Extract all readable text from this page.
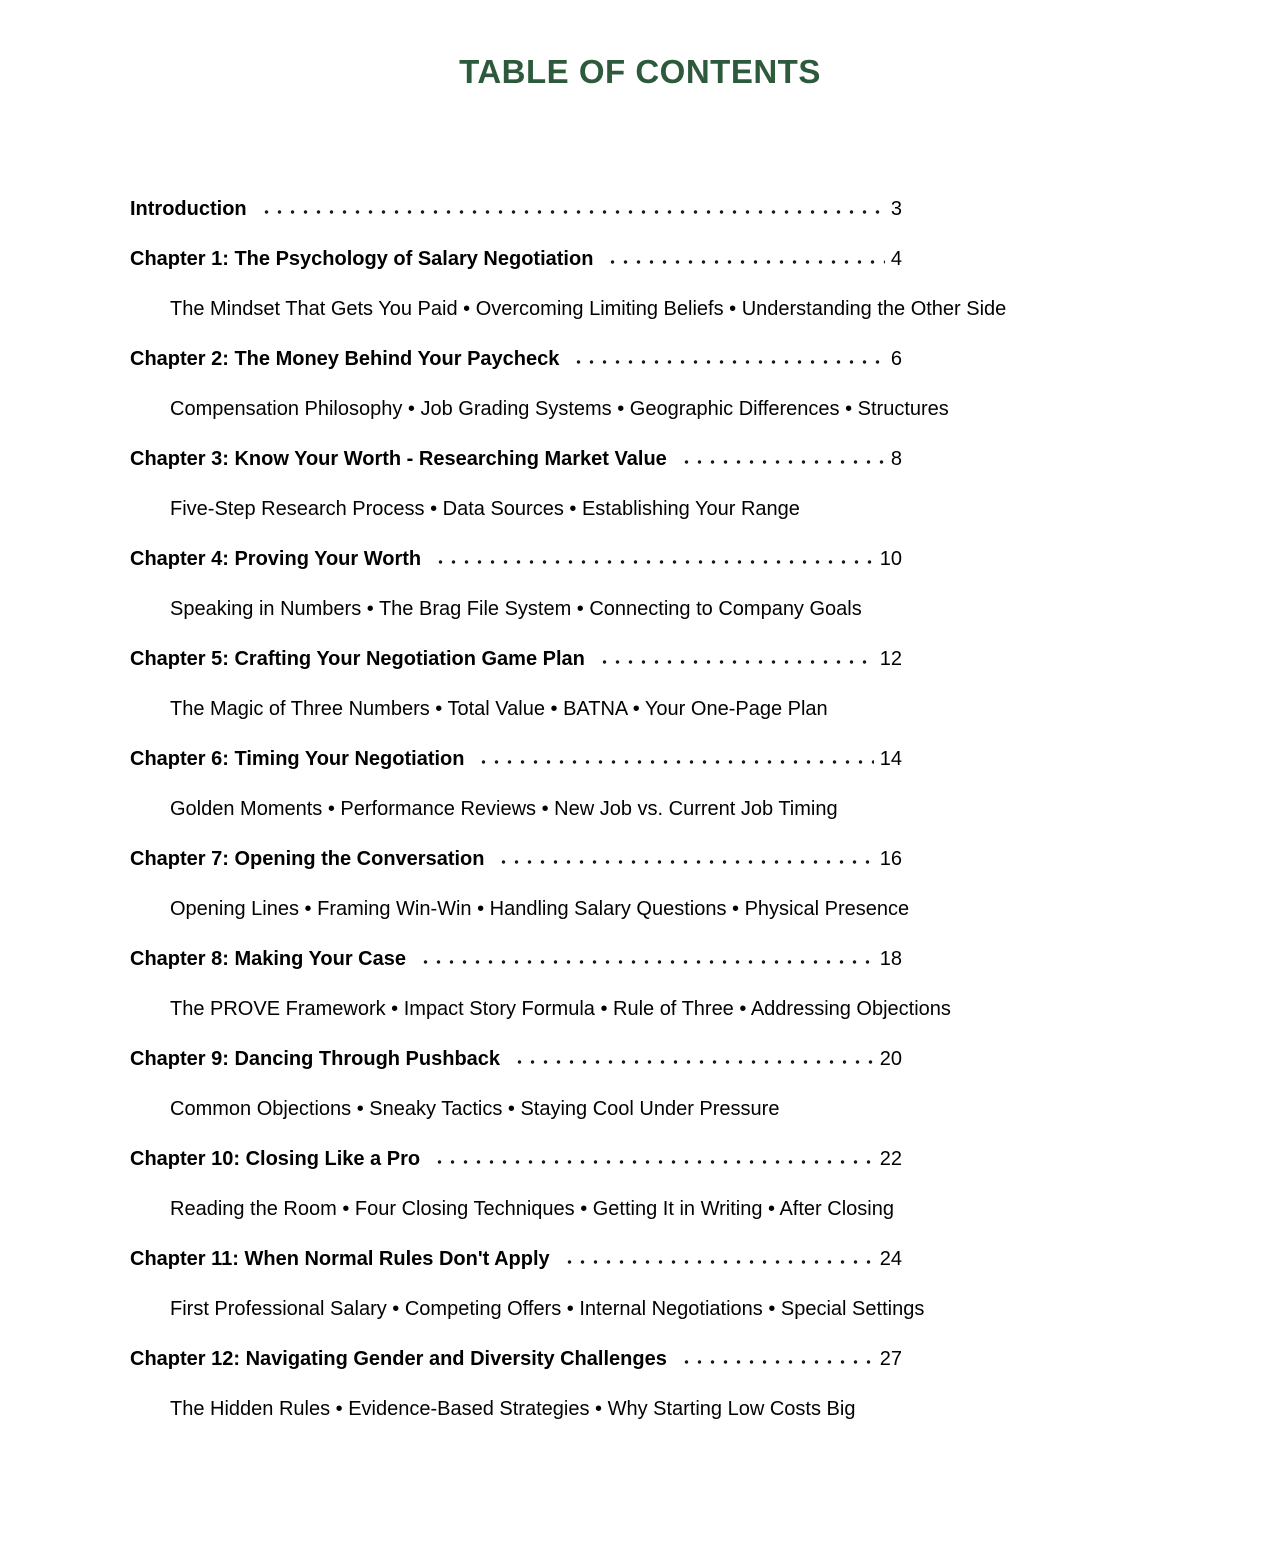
TABLE OF CONTENTS
Introduction	3
Chapter 1: The Psychology of Salary Negotiation	4
The Mindset That Gets You Paid • Overcoming Limiting Beliefs • Understanding the Other Side
Chapter 2: The Money Behind Your Paycheck	6
Compensation Philosophy • Job Grading Systems • Geographic Differences • Structures
Chapter 3: Know Your Worth - Researching Market Value	8
Five-Step Research Process • Data Sources • Establishing Your Range
Chapter 4: Proving Your Worth	10
Speaking in Numbers • The Brag File System • Connecting to Company Goals
Chapter 5: Crafting Your Negotiation Game Plan	12
The Magic of Three Numbers • Total Value • BATNA • Your One-Page Plan
Chapter 6: Timing Your Negotiation	14
Golden Moments • Performance Reviews • New Job vs. Current Job Timing
Chapter 7: Opening the Conversation	16
Opening Lines • Framing Win-Win • Handling Salary Questions • Physical Presence
Chapter 8: Making Your Case	18
The PROVE Framework • Impact Story Formula • Rule of Three • Addressing Objections
Chapter 9: Dancing Through Pushback	20
Common Objections • Sneaky Tactics • Staying Cool Under Pressure
Chapter 10: Closing Like a Pro	22
Reading the Room • Four Closing Techniques • Getting It in Writing • After Closing
Chapter 11: When Normal Rules Don't Apply	24
First Professional Salary • Competing Offers • Internal Negotiations • Special Settings
Chapter 12: Navigating Gender and Diversity Challenges	27
The Hidden Rules • Evidence-Based Strategies • Why Starting Low Costs Big
